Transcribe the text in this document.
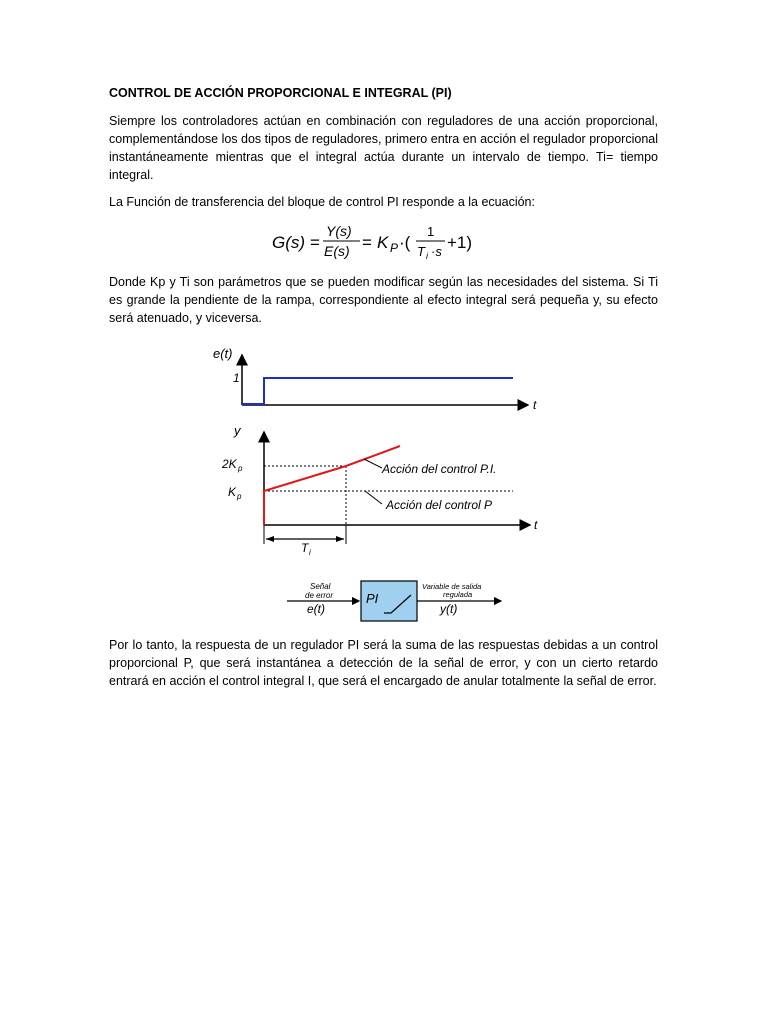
CONTROL DE ACCIÓN PROPORCIONAL E INTEGRAL (PI)
Siempre los controladores actúan en combinación con reguladores de una acción proporcional, complementándose los dos tipos de reguladores, primero entra en acción el regulador proporcional instantáneamente mientras que el integral actúa durante un intervalo de tiempo. Ti= tiempo integral.
La Función de transferencia del bloque de control PI responde a la ecuación:
G(s) =
Y(s)
E(s) = K P ·(
1
T i ·s +1)
Donde Kp y Ti son parámetros que se pueden modificar según las necesidades del sistema. Si Ti es grande la pendiente de la rampa, correspondiente al efecto integral será pequeña y, su efecto será atenuado, y viceversa.
e(t)
t
1
y
t
2K p
K p
T i
Acción del control P.I.
Acción del control P
Señal
de error
e(t)
PI
Variable de salida
regulada
y(t)
Por lo tanto, la respuesta de un regulador PI será la suma de las respuestas debidas a un control proporcional P, que será instantánea a detección de la señal de error, y con un cierto retardo entrará en acción el control integral I, que será el encargado de anular totalmente la señal de error.
